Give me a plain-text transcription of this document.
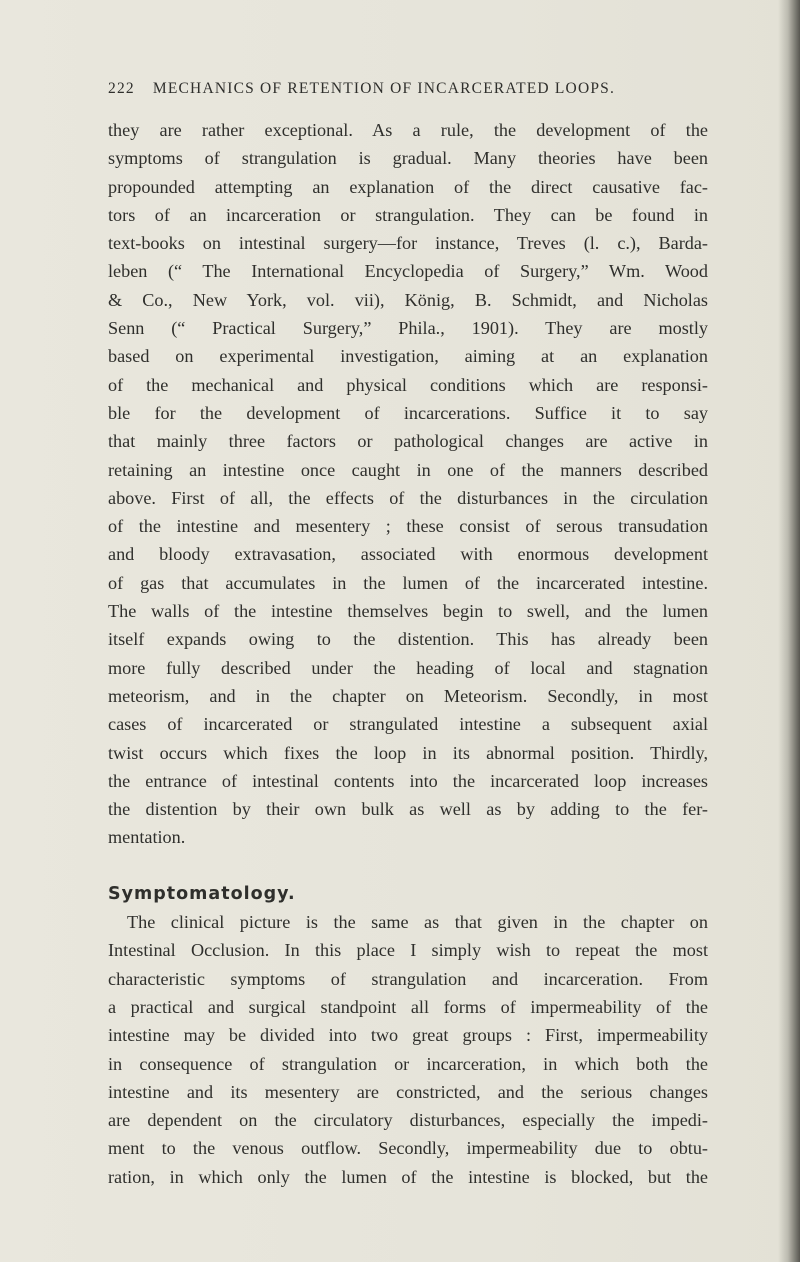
222 MECHANICS OF RETENTION OF INCARCERATED LOOPS.
they are rather exceptional. As a rule, the development of the
symptoms of strangulation is gradual. Many theories have been
propounded attempting an explanation of the direct causative fac-
tors of an incarceration or strangulation. They can be found in
text-books on intestinal surgery—for instance, Treves (l. c.), Barda-
leben (“ The International Encyclopedia of Surgery,” Wm. Wood
& Co., New York, vol. vii), König, B. Schmidt, and Nicholas
Senn (“ Practical Surgery,” Phila., 1901). They are mostly
based on experimental investigation, aiming at an explanation
of the mechanical and physical conditions which are responsi-
ble for the development of incarcerations. Suffice it to say
that mainly three factors or pathological changes are active in
retaining an intestine once caught in one of the manners described
above. First of all, the effects of the disturbances in the circulation
of the intestine and mesentery ; these consist of serous transudation
and bloody extravasation, associated with enormous development
of gas that accumulates in the lumen of the incarcerated intestine.
The walls of the intestine themselves begin to swell, and the lumen
itself expands owing to the distention. This has already been
more fully described under the heading of local and stagnation
meteorism, and in the chapter on Meteorism. Secondly, in most
cases of incarcerated or strangulated intestine a subsequent axial
twist occurs which fixes the loop in its abnormal position. Thirdly,
the entrance of intestinal contents into the incarcerated loop increases
the distention by their own bulk as well as by adding to the fer-
mentation.
Symptomatology.
The clinical picture is the same as that given in the chapter on
Intestinal Occlusion. In this place I simply wish to repeat the most
characteristic symptoms of strangulation and incarceration. From
a practical and surgical standpoint all forms of impermeability of the
intestine may be divided into two great groups : First, impermeability
in consequence of strangulation or incarceration, in which both the
intestine and its mesentery are constricted, and the serious changes
are dependent on the circulatory disturbances, especially the impedi-
ment to the venous outflow. Secondly, impermeability due to obtu-
ration, in which only the lumen of the intestine is blocked, but the
